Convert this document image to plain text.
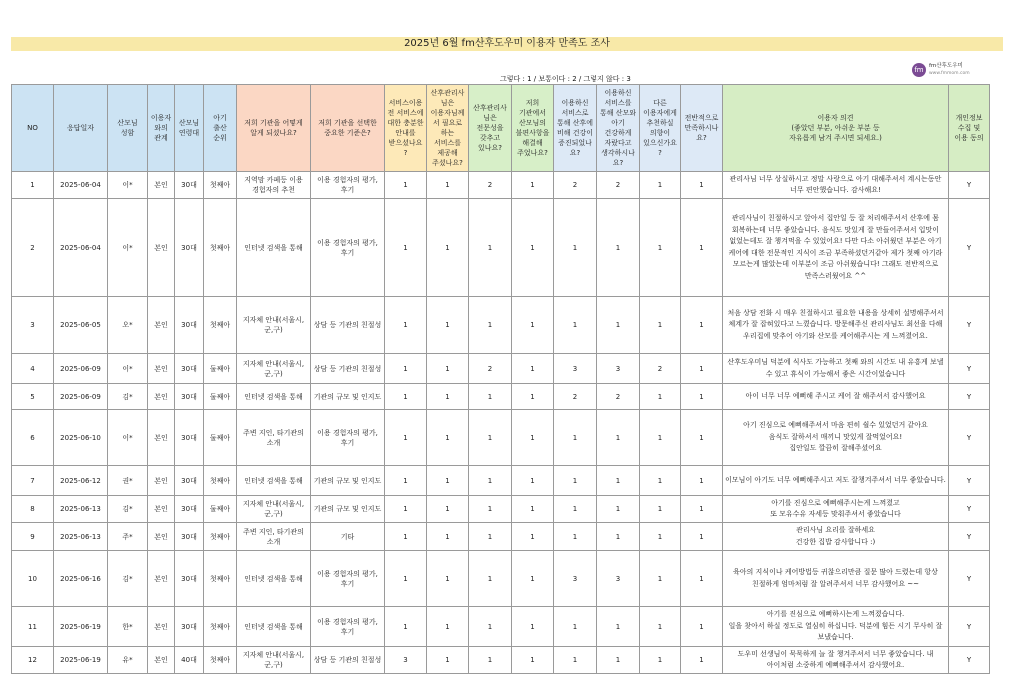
2025년 6월 fm산후도우미 이용자 만족도 조사
fm fm산후도우미
www.fmmom.com
그렇다 : 1 / 보통이다 : 2 / 그렇지 않다 : 3
NO	응답일자	산모님 성함	이용자와의 관계	산모님 연령대	아기 출산 순위	저희 기관을 어떻게 알게 되셨나요?	저희 기관을 선택한 중요한 기준은?	서비스이용 전 서비스에 대한 충분한 안내를 받으셨나요?	산후관리사님은 이용자님께서 필요로 하는 서비스를 제공해 주셨나요?	산후관리사님은 전문성을 갖추고 있나요?	저희 기관에서 산모님의 불편사항을 해결해 주었나요?	이용하신 서비스로 통해 산후에 비해 건강이 증진되었나요?	이용하신 서비스를 통해 산모와 아기 건강하게 자랐다고 생각하시나요?	다른 이용자에게 추천하실 의향이 있으신가요?	전반적으로 만족하시나요?	이용자 의견
(좋았던 부분, 아쉬운 부분 등
자유롭게 남겨 주시면 되세요.)	개인정보 수집 및 이용 동의
1	2025-06-04	이*	본인	30대	첫째아	지역맘 카페등 이용 경험자의 추천	이용 경험자의 평가, 후기	1	1	2	1	2	2	1	1	관리사님 너무 상실하시고 정말 사랑으로 아기 대해주셔서 계시는동안 너무 편안했습니다. 감사해요!	Y
2	2025-06-04	이*	본인	30대	첫째아	인터넷 검색을 통해	이용 경험자의 평가, 후기	1	1	1	1	1	1	1	1	관리사님이 친절하시고 앞아서 집안일 등 잘 처리해주셔서 산후에 몸 회복하는데 너무 좋았습니다. 음식도 맛있게 잘 만들어주셔서 입맛이 없었는데도 잘 챙겨먹을 수 있었어요! 다만 다소 아쉬웠던 부분은 아기 케어에 대한 전문적인 지식이 조금 부족하셨던거같아 제가 첫째 아기라 모르는게 많았는데 이부분이 조금 아쉬웠습니다! 그래도 전반적으로 만족스러웠어요 ^^	Y
3	2025-06-05	오*	본인	30대	첫째아	지자체 안내(서울시,군,구)	상담 등 기관의 친절성	1	1	1	1	1	1	1	1	처음 상담 전화 시 매우 친절하시고 필요한 내용을 상세히 설명해주셔서 체계가 잘 잡혀있다고 느꼈습니다. 방문해주신 관리사님도 최선을 다해 우리집에 맞추어 아기와 산모를 케어해주시는 게 느껴졌어요.	Y
4	2025-06-09	이*	본인	30대	둘째아	지자체 안내(서울시,군,구)	상담 등 기관의 친절성	1	1	2	1	3	3	2	1	산후도우미님 덕분에 식사도 가능하고 첫째 와의 시간도 내 유흥게 보낼 수 있고 휴식이 가능해서 좋은 시간이었습니다	Y
5	2025-06-09	김*	본인	30대	둘째아	인터넷 검색을 통해	기관의 규모 및 인지도	1	1	1	1	2	2	1	1	아이 너무 너무 예뻐해 주시고 케어 잘 해주셔서 감사했어요	Y
6	2025-06-10	이*	본인	30대	둘째아	주변 지인, 타기관의 소개	이용 경험자의 평가, 후기	1	1	1	1	1	1	1	1	아기 진심으로 예뻐해주셔서 마음 편히 쉴수 있었던거 같아요
음식도 잘하셔서 매끼니 맛있게 잘먹었어요!
집안일도 깔끔히 잘해주셨어요	Y
7	2025-06-12	권*	본인	30대	첫째아	인터넷 검색을 통해	기관의 규모 및 인지도	1	1	1	1	1	1	1	1	이모님이 아기도 너무 예뻐해주시고 저도 잘챙겨주셔서 너무 좋았습니다.	Y
8	2025-06-13	김*	본인	30대	둘째아	지자체 안내(서울시,군,구)	기관의 규모 및 인지도	1	1	1	1	1	1	1	1	아기를 진심으로 예뻐해주시는게 느껴졌고
또 모유수유 자세등 맞춰주셔서 좋았습니다	Y
9	2025-06-13	주*	본인	30대	첫째아	주변 지인, 타기관의 소개	기타	1	1	1	1	1	1	1	1	관리사님 요리를 잘하세요
건강한 집밥 감사합니다 :)	Y
10	2025-06-16	김*	본인	30대	첫째아	인터넷 검색을 통해	이용 경험자의 평가, 후기	1	1	1	1	3	3	1	1	육아의 지식이나 케어방법등 귀찮으리만큼 질문 많아 드렸는데 항상 친절하게 엄마처럼 잘 알려주셔서 너무 감사했어요 ~~	Y
11	2025-06-19	한*	본인	30대	첫째아	인터넷 검색을 통해	이용 경험자의 평가, 후기	1	1	1	1	1	1	1	1	아기를 진심으로 예뻐하시는게 느껴졌습니다.
일을 찾아서 하실 정도로 열심히 하십니다. 덕분에 힘든 시기 무사히 잘 보냈습니다.	Y
12	2025-06-19	유*	본인	40대	첫째아	지자체 안내(서울시,군,구)	상담 등 기관의 친절성	3	1	1	1	1	1	1	1	도우미 선생님이 묵묵하게 늘 잘 챙겨주셔서 너무 좋았습니다. 내 아이처럼 소중하게 예뻐해주셔서 감사했어요.	Y
